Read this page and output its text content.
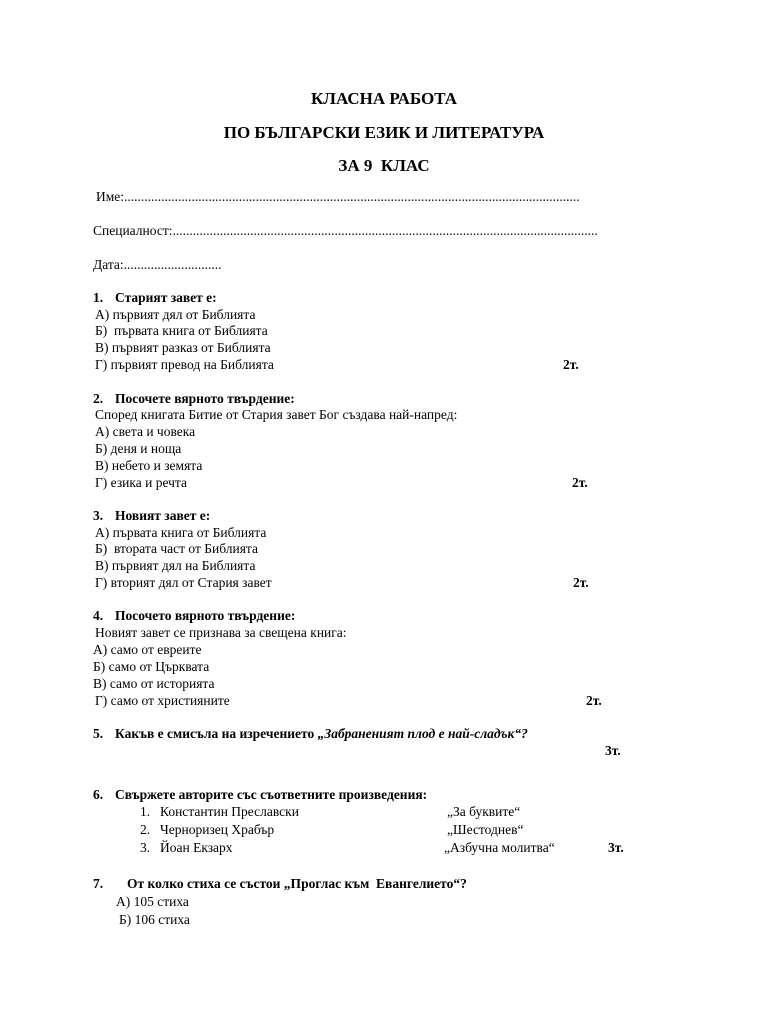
КЛАСНА РАБОТА
ПО БЪЛГАРСКИ ЕЗИК И ЛИТЕРАТУРА
ЗА 9  КЛАС
Име:.......................................................................................................................................
Специалност:..............................................................................................................................
Дата:.............................
1. Старият завет е:
А) първият дял от Библията
Б)  първата книга от Библията
В) първият разказ от Библията
Г) първият превод на Библията	2т.
2. Посочете вярното твърдение:
Според книгата Битие от Стария завет Бог създава най-напред:
А) света и човека
Б) деня и ноща
В) небето и земята
Г) езика и речта	2т.
3. Новият завет е:
А) първата книга от Библията
Б)  втората част от Библията
В) първият дял на Библията
Г) вторият дял от Стария завет	2т.
4. Посочето вярното твърдение:
Новият завет се признава за свещена книга:
А) само от евреите
Б) само от Църквата
В) само от историята
Г) само от християните	2т.
5. Какъв е смисъла на изречението „Забраненият плод е най-сладък“?
3т.
6. Свържете авторите със съответните произведения:
1. Константин Преславски	„За буквите“
2. Черноризец Храбър	„Шестоднев“
3. Йоан Екзарх	„Азбучна молитва“	3т.
7. От колко стиха се състои „Проглас към  Евангелието“?
А) 105 стиха
Б) 106 стиха
